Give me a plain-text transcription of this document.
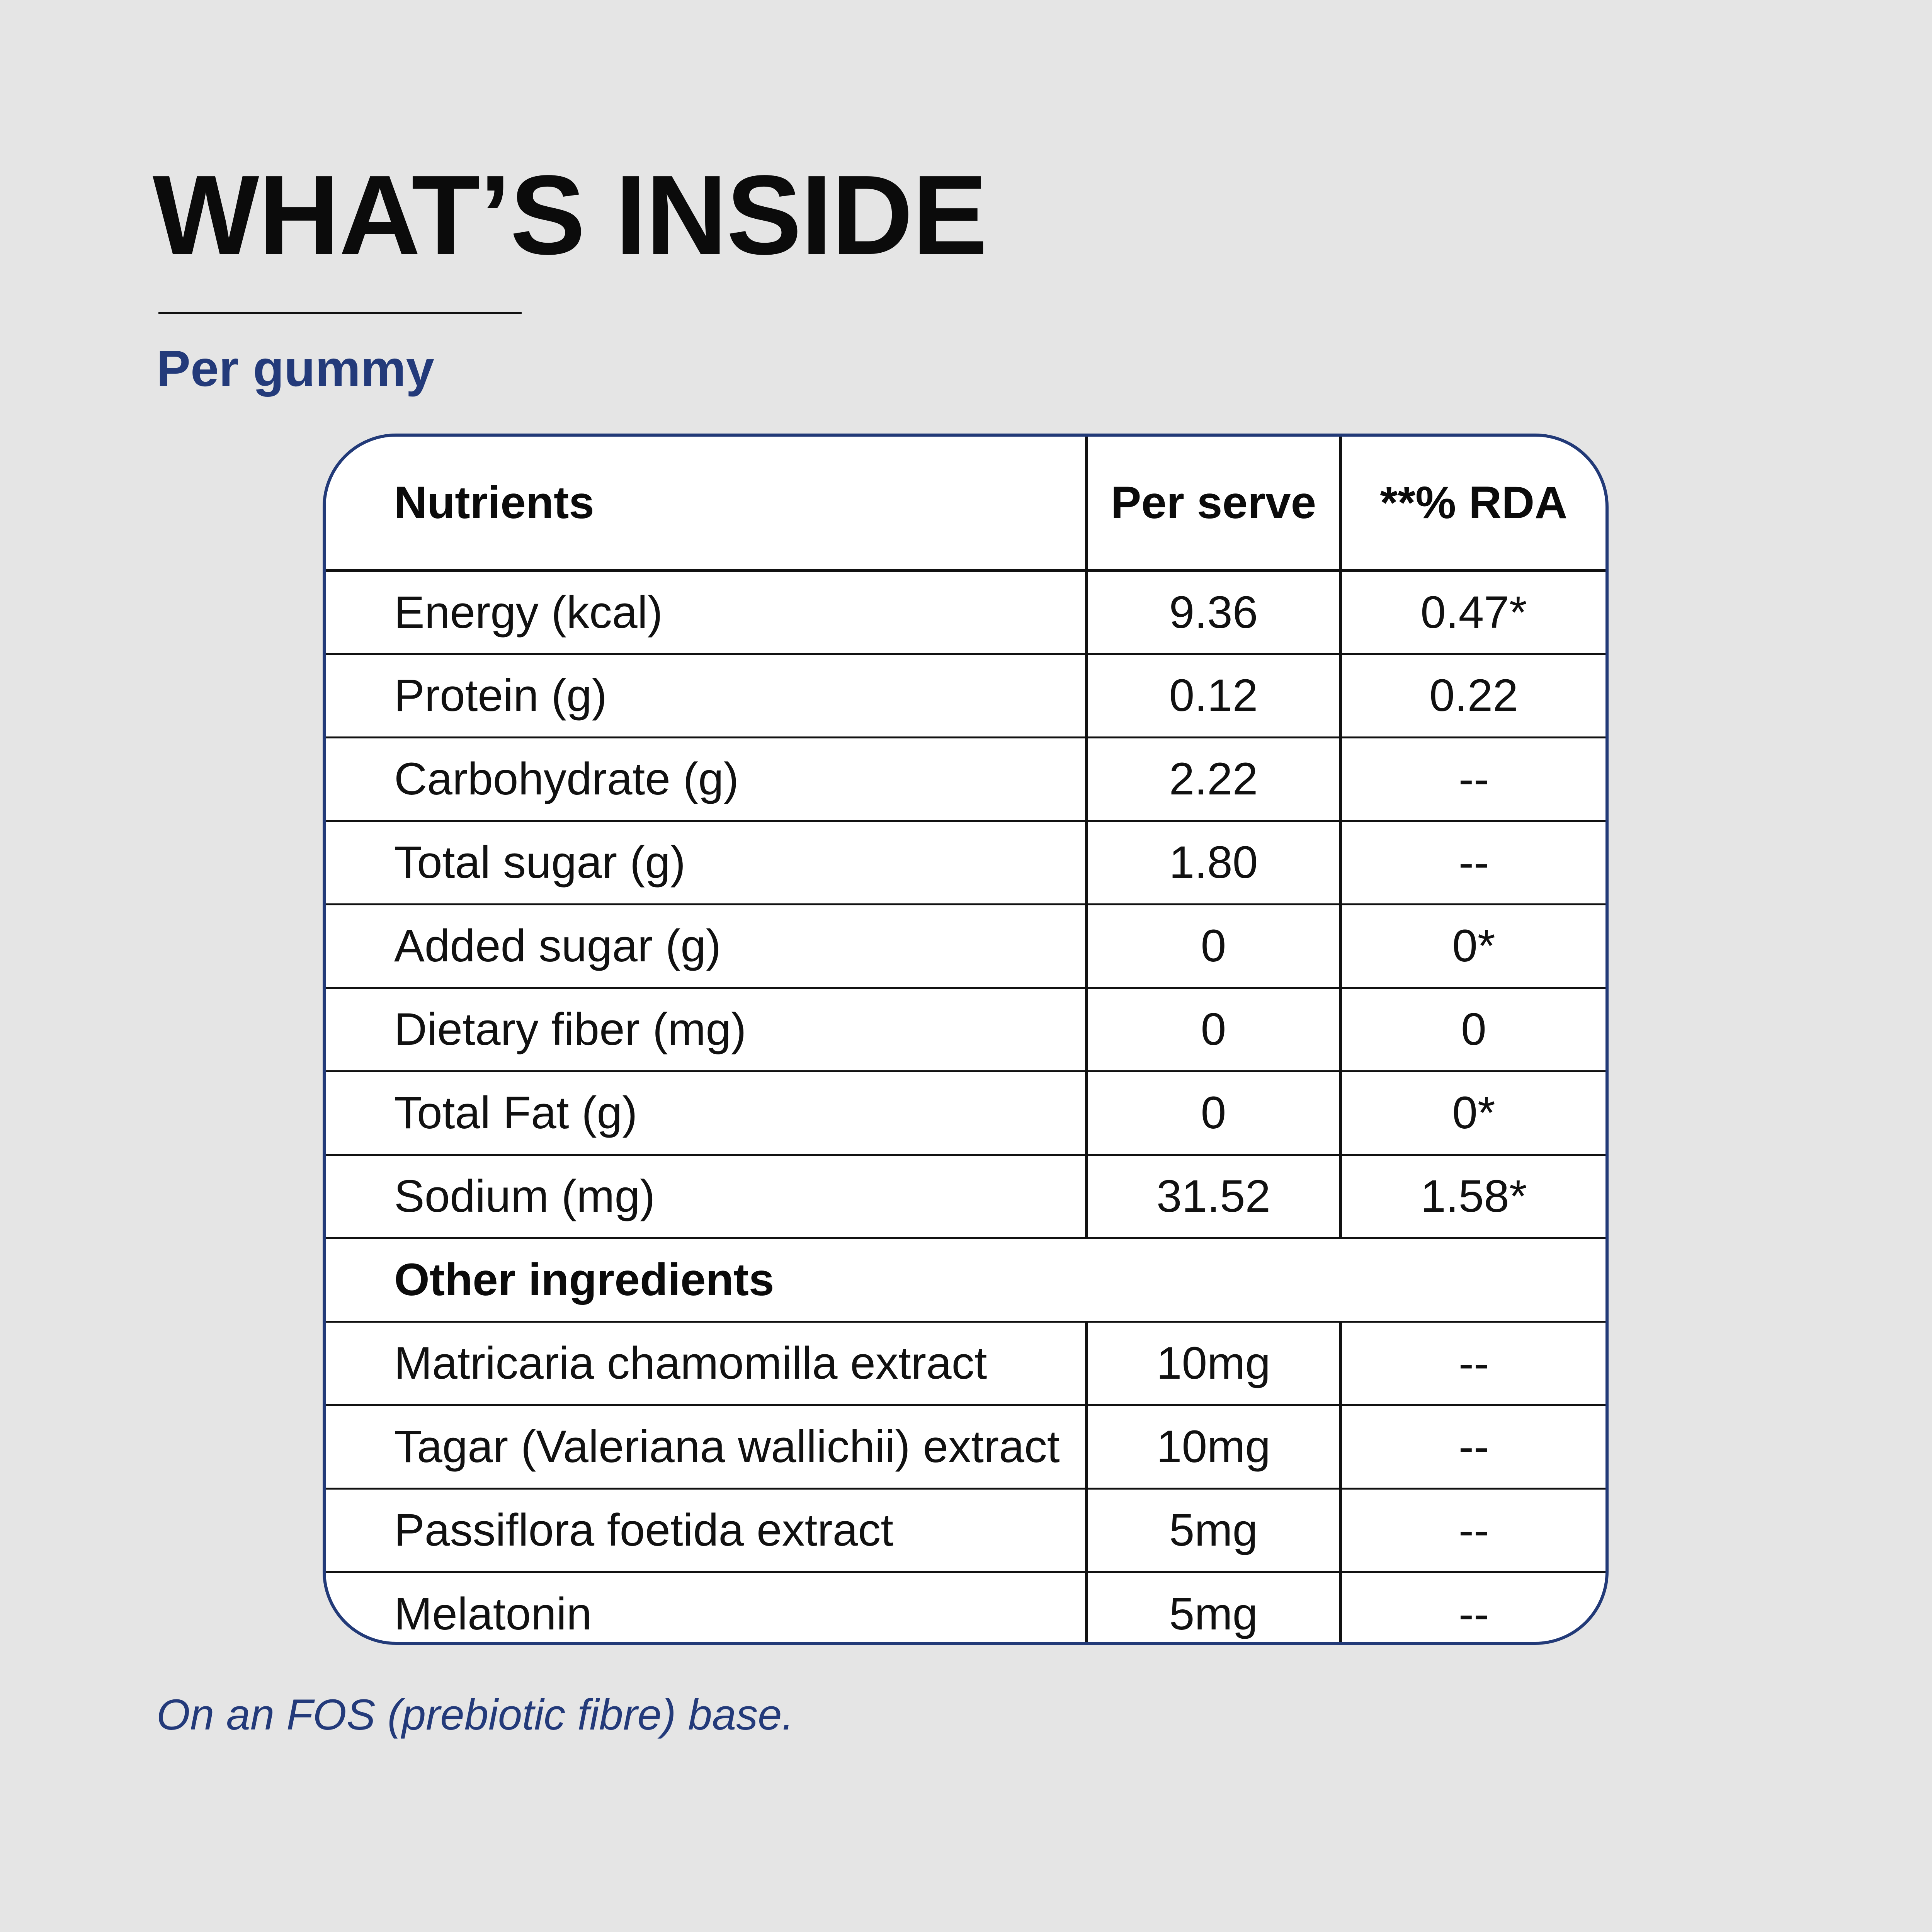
WHAT’S INSIDE
Per gummy
Nutrients	Per serve	**% RDA
Energy (kcal)	9.36	0.47*
Protein (g)	0.12	0.22
Carbohydrate (g)	2.22	--
Total sugar (g)	1.80	--
Added sugar (g)	0	0*
Dietary fiber (mg)	0	0
Total Fat (g)	0	0*
Sodium (mg)	31.52	1.58*
Other ingredients		
Matricaria chamomilla extract	10mg	--
Tagar (Valeriana wallichii) extract	10mg	--
Passiflora foetida extract	5mg	--
Melatonin	5mg	--
On an FOS (prebiotic fibre) base.
